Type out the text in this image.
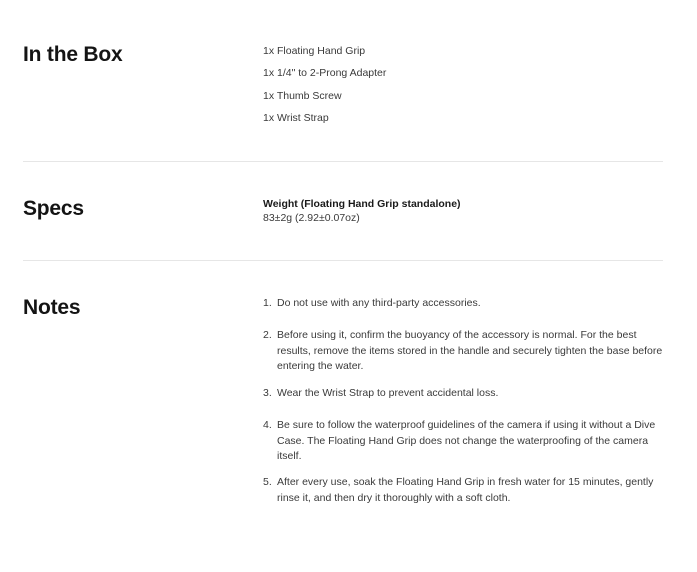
In the Box	1x Floating Hand Grip
1x 1/4" to 2-Prong Adapter
1x Thumb Screw
1x Wrist Strap
Specs	Weight (Floating Hand Grip standalone)
83±2g (2.92±0.07oz)
Notes	1. Do not use with any third-party accessories.
2. Before using it, confirm the buoyancy of the accessory is normal. For the best results, remove the items stored in the handle and securely tighten the base before entering the water.
3. Wear the Wrist Strap to prevent accidental loss.
4. Be sure to follow the waterproof guidelines of the camera if using it without a Dive Case. The Floating Hand Grip does not change the waterproofing of the camera itself.
5. After every use, soak the Floating Hand Grip in fresh water for 15 minutes, gently rinse it, and then dry it thoroughly with a soft cloth.
